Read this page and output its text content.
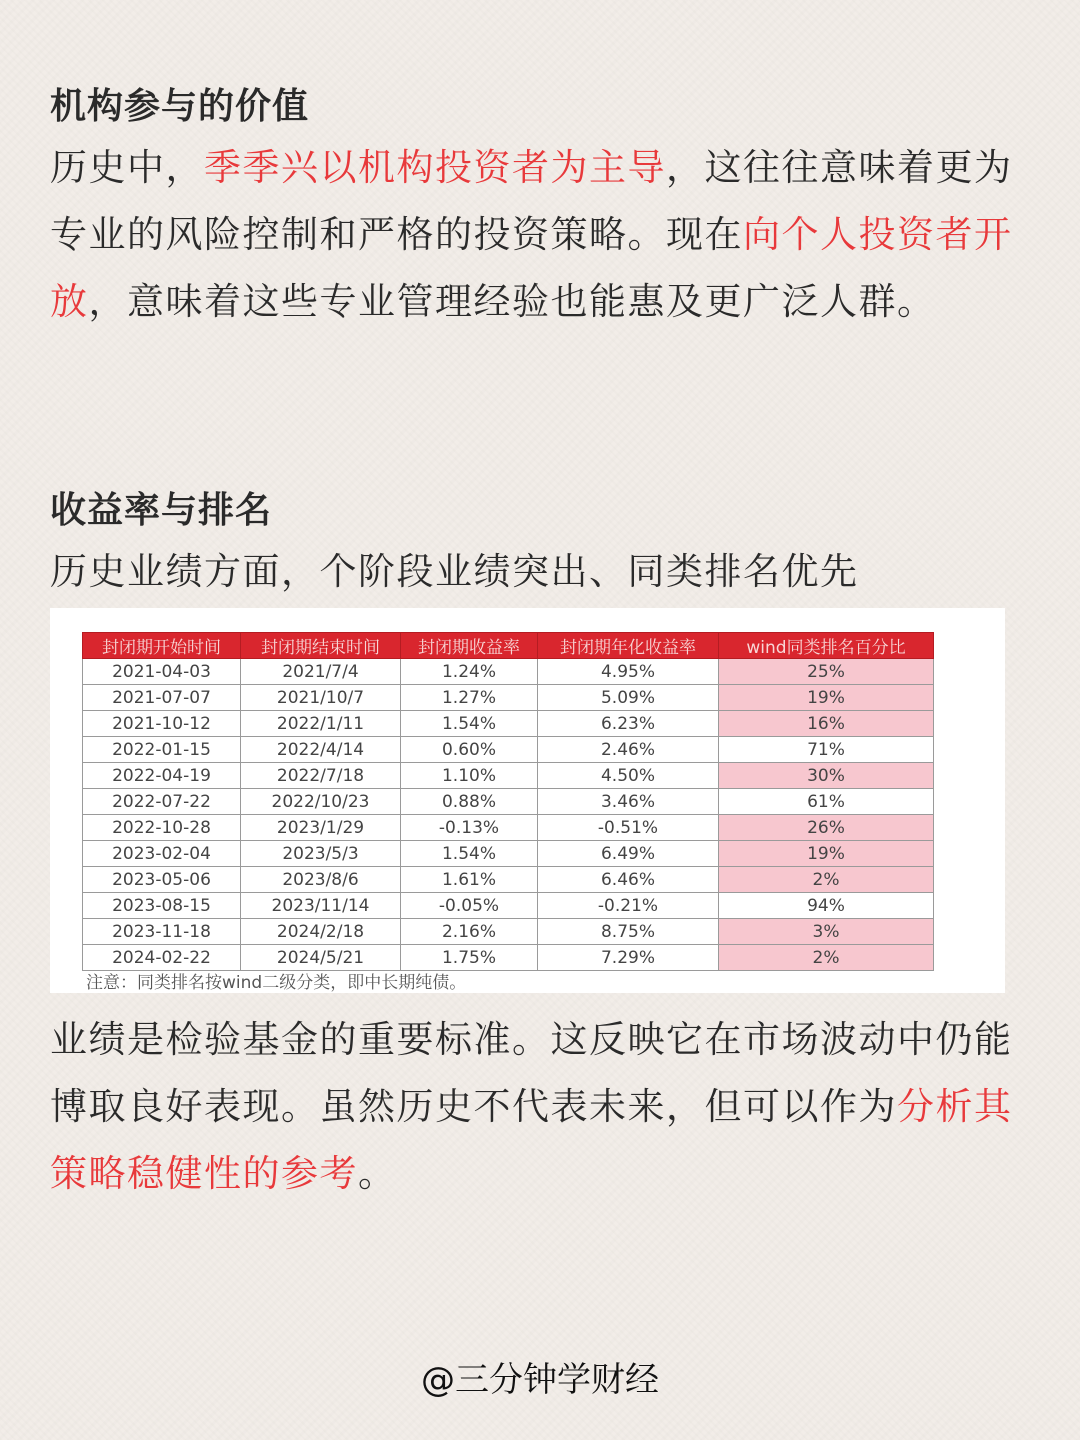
机构参与的价值

历史中，季季兴以机构投资者为主导，这往往意味着更为专业的风险控制和严格的投资策略。现在向个人投资者开放，意味着这些专业管理经验也能惠及更广泛人群。

收益率与排名

历史业绩方面，个阶段业绩突出、同类排名优先

封闭期开始时间	封闭期结束时间	封闭期收益率	封闭期年化收益率	wind同类排名百分比
2021-04-03	2021/7/4	1.24%	4.95%	25%
2021-07-07	2021/10/7	1.27%	5.09%	19%
2021-10-12	2022/1/11	1.54%	6.23%	16%
2022-01-15	2022/4/14	0.60%	2.46%	71%
2022-04-19	2022/7/18	1.10%	4.50%	30%
2022-07-22	2022/10/23	0.88%	3.46%	61%
2022-10-28	2023/1/29	-0.13%	-0.51%	26%
2023-02-04	2023/5/3	1.54%	6.49%	19%
2023-05-06	2023/8/6	1.61%	6.46%	2%
2023-08-15	2023/11/14	-0.05%	-0.21%	94%
2023-11-18	2024/2/18	2.16%	8.75%	3%
2024-02-22	2024/5/21	1.75%	7.29%	2%
注意：同类排名按wind二级分类，即中长期纯债。

业绩是检验基金的重要标准。这反映它在市场波动中仍能博取良好表现。虽然历史不代表未来，但可以作为分析其策略稳健性的参考。

@三分钟学财经
